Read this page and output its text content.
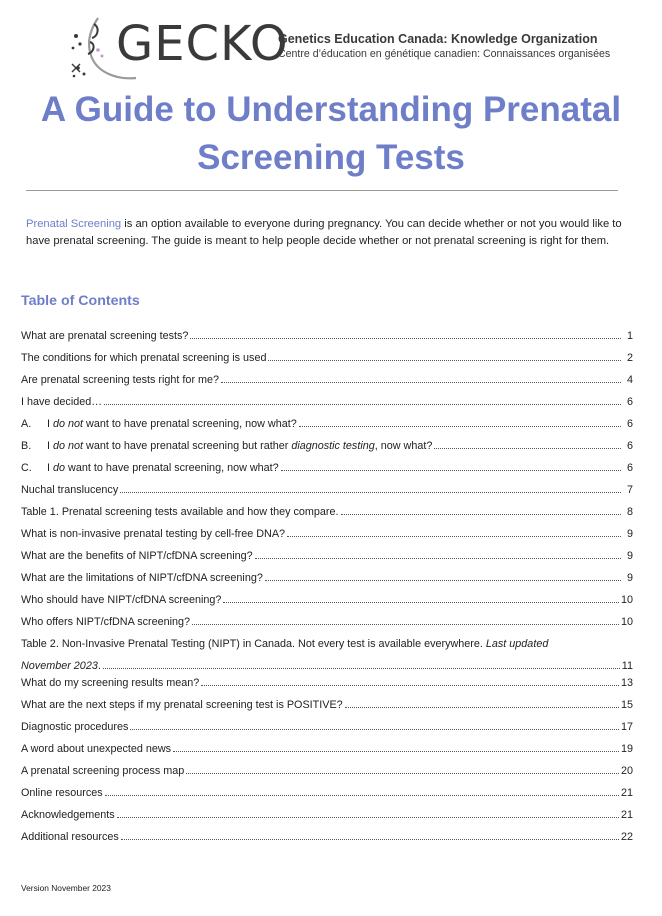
GECKO
Genetics Education Canada: Knowledge Organization
Centre d’éducation en génétique canadien: Connaissances organisées
A Guide to Understanding Prenatal
Screening Tests

Prenatal Screening is an option available to everyone during pregnancy. You can decide whether or not you would like to have prenatal screening. The guide is meant to help people decide whether or not prenatal screening is right for them.

Table of Contents
What are prenatal screening tests?	1
The conditions for which prenatal screening is used	2
Are prenatal screening tests right for me?	4
I have decided…	6
A. I do not want to have prenatal screening, now what?	6
B. I do not want to have prenatal screening but rather diagnostic testing, now what?	6
C. I do want to have prenatal screening, now what?	6
Nuchal translucency	7
Table 1. Prenatal screening tests available and how they compare.	8
What is non-invasive prenatal testing by cell-free DNA?	9
What are the benefits of NIPT/cfDNA screening?	9
What are the limitations of NIPT/cfDNA screening?	9
Who should have NIPT/cfDNA screening?	10
Who offers NIPT/cfDNA screening?	10
Table 2. Non-Invasive Prenatal Testing (NIPT) in Canada. Not every test is available everywhere. Last updated
November 2023.	11
What do my screening results mean?	13
What are the next steps if my prenatal screening test is POSITIVE?	15
Diagnostic procedures	17
A word about unexpected news	19
A prenatal screening process map	20
Online resources	21
Acknowledgements	21
Additional resources	22
Version November 2023
